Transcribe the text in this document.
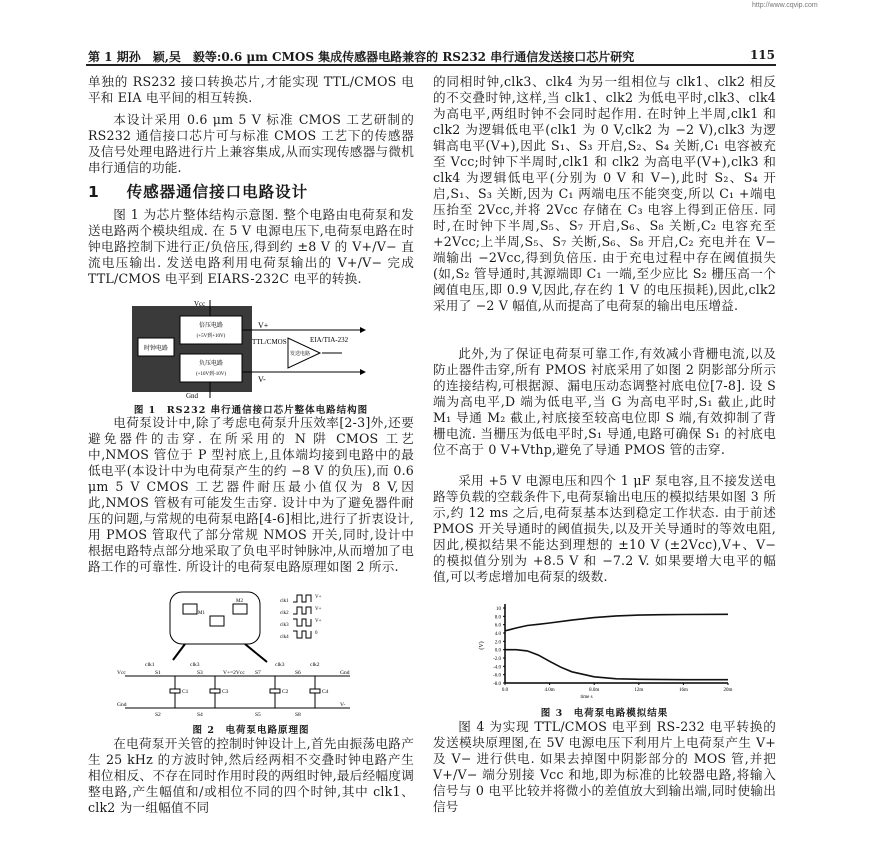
http://www.cqvip.com
第 1 期孙　颖,吴　毅等:0.6 μm CMOS 集成传感器电路兼容的 RS232 串行通信发送接口芯片研究	115
单独的 RS232 接口转换芯片,才能实现 TTL/CMOS 电平和 EIA 电平间的相互转换.
本设计采用 0.6 μm 5 V 标准 CMOS 工艺研制的 RS232 通信接口芯片可与标准 CMOS 工艺下的传感器及信号处理电路进行片上兼容集成,从而实现传感器与微机串行通信的功能.
1 传感器通信接口电路设计
图 1 为芯片整体结构示意图. 整个电路由电荷泵和发送电路两个模块组成. 在 5 V 电源电压下,电荷泵电路在时钟电路控制下进行正/负倍压,得到约 ±8 V 的 V+/V− 直流电压输出. 发送电路利用电荷泵输出的 V+/V− 完成 TTL/CMOS 电平到 EIARS-232C 电平的转换.
倍压电路
(+5V到+10V)
时钟电路
负压电路
(+10V到-10V)
Vcc
Gnd
V+
V-
TTL/CMOS
发送电路
EIA/TIA-232
图 1　RS232 串行通信接口芯片整体电路结构图
电荷泵设计中,除了考虑电荷泵升压效率[2-3]外,还要避免器件的击穿. 在所采用的 N 阱 CMOS 工艺中,NMOS 管位于 P 型衬底上,且体端均接到电路中的最低电平(本设计中为电荷泵产生的约 −8 V 的负压),而 0.6 μm 5 V CMOS 工艺器件耐压最小值仅为 8 V,因此,NMOS 管极有可能发生击穿. 设计中为了避免器件耐压的问题,与常规的电荷泵电路[4-6]相比,进行了折衷设计,用 PMOS 管取代了部分常规 NMOS 开关,同时,设计中根据电路特点部分地采取了负电平时钟脉冲,从而增加了电路工作的可靠性. 所设计的电荷泵电路原理如图 2 所示.
M1
M2	clk1
clk2
clk3
clk4
V+
V+
V+
0
C1	C3	C2	C4
clk1	clk3	clk3	clk2
Vcc	V+=2Vcc	Gnd
Gnd	V-
S1	S3	S7	S6
S2	S4	S5	S8
图 2　电荷泵电路原理图
在电荷泵开关管的控制时钟设计上,首先由振荡电路产生 25 kHz 的方波时钟,然后经两相不交叠时钟电路产生相位相反、不存在同时作用时段的两组时钟,最后经幅度调整电路,产生幅值和/或相位不同的四个时钟,其中 clk1、clk2 为一组幅值不同
的同相时钟,clk3、clk4 为另一组相位与 clk1、clk2 相反的不交叠时钟,这样,当 clk1、clk2 为低电平时,clk3、clk4 为高电平,两组时钟不会同时起作用. 在时钟上半周,clk1 和 clk2 为逻辑低电平(clk1 为 0 V,clk2 为 −2 V),clk3 为逻辑高电平(V+),因此 S₁、S₃ 开启,S₂、S₄ 关断,C₁ 电容被充至 Vcc;时钟下半周时,clk1 和 clk2 为高电平(V+),clk3 和 clk4 为逻辑低电平(分别为 0 V 和 V−),此时 S₂、S₄ 开启,S₁、S₃ 关断,因为 C₁ 两端电压不能突变,所以 C₁ +端电压抬至 2Vcc,并将 2Vcc 存储在 C₃ 电容上得到正倍压. 同时,在时钟下半周,S₅、S₇ 开启,S₆、S₈ 关断,C₂ 电容充至 +2Vcc;上半周,S₅、S₇ 关断,S₆、S₈ 开启,C₂ 充电并在 V− 端输出 −2Vcc,得到负倍压. 由于充电过程中存在阈值损失(如,S₂ 管导通时,其源端即 C₁ 一端,至少应比 S₂ 栅压高一个阈值电压,即 0.9 V,因此,存在约 1 V 的电压损耗),因此,clk2 采用了 −2 V 幅值,从而提高了电荷泵的输出电压增益.
此外,为了保证电荷泵可靠工作,有效减小背栅电流,以及防止器件击穿,所有 PMOS 衬底采用了如图 2 阴影部分所示的连接结构,可根据源、漏电压动态调整衬底电位[7-8]. 设 S 端为高电平,D 端为低电平,当 G 为高电平时,S₁ 截止,此时 M₁ 导通 M₂ 截止,衬底接至较高电位即 S 端,有效抑制了背栅电流. 当栅压为低电平时,S₁ 导通,电路可确保 S₁ 的衬底电位不高于 0 V+Vthp,避免了导通 PMOS 管的击穿.
采用 +5 V 电源电压和四个 1 μF 泵电容,且不接发送电路等负载的空载条件下,电荷泵输出电压的模拟结果如图 3 所示,约 12 ms 之后,电荷泵基本达到稳定工作状态. 由于前述 PMOS 开关导通时的阈值损失,以及开关导通时的等效电阻,因此,模拟结果不能达到理想的 ±10 V (±2Vcc),V+、V− 的模拟值分别为 +8.5 V 和 −7.2 V. 如果要增大电平的幅值,可以考虑增加电荷泵的级数.
10
8.0
6.0
4.0
2.0
0.0
-2.0
-4.0
-6.0
-8.0
0.0	4.0m	8.0m	12m	16m	20m
time s
(V)
图 3　电荷泵电路模拟结果
图 4 为实现 TTL/CMOS 电平到 RS-232 电平转换的发送模块原理图,在 5V 电源电压下利用片上电荷泵产生 V+ 及 V− 进行供电. 如果去掉图中阴影部分的 MOS 管,并把 V+/V− 端分别接 Vcc 和地,即为标准的比较器电路,将输入信号与 0 电平比较并将微小的差值放大到输出端,同时使输出信号
